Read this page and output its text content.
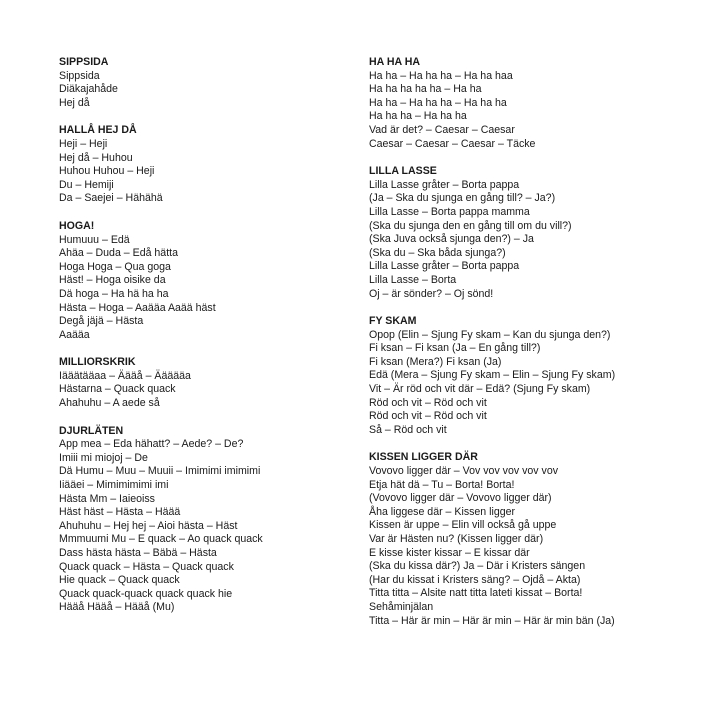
SIPPSIDA
Sippsida
Diäkajahåde
Hej då
HALLÅ HEJ DÅ
Heji – Heji
Hej då – Huhou
Huhou Huhou – Heji
Du – Hemiji
Da – Saejei – Hähähä
HOGA!
Humuuu – Edä
Ahäa – Duda – Edå hätta
Hoga Hoga – Qua goga
Häst! – Hoga oisike da
Dä hoga – Ha hä ha ha
Hästa – Hoga – Aaääa Aaää häst
Degå jäjä – Hästa
Aaääa
MILLIORSKRIK
Iääätääaa – Äääå – Äääääa
Hästarna – Quack quack
Ahahuhu – A aede så
DJURLÄTEN
App mea – Eda hähatt? – Aede? – De?
Imiii mi miojoj – De
Dä Humu – Muu – Muuii – Imimimi imimimi
Iiääei – Mimimimimi imi
Hästa Mm – Iaieoiss
Häst häst – Hästa – Häää
Ahuhuhu – Hej hej – Aioi hästa – Häst
Mmmuumi Mu – E quack – Ao quack quack
Dass hästa hästa – Bäbä – Hästa
Quack quack – Hästa – Quack quack
Hie quack – Quack quack
Quack quack-quack quack quack hie
Hääå Hääå – Hääå (Mu)
HA HA HA
Ha ha – Ha ha ha – Ha ha haa
Ha ha ha ha ha – Ha ha
Ha ha – Ha ha ha – Ha ha ha
Ha ha ha – Ha ha ha
Vad är det? – Caesar – Caesar
Caesar – Caesar – Caesar – Täcke
LILLA LASSE
Lilla Lasse gråter – Borta pappa
(Ja – Ska du sjunga en gång till? – Ja?)
Lilla Lasse – Borta pappa mamma
(Ska du sjunga den en gång till om du vill?)
(Ska Juva också sjunga den?) – Ja
(Ska du – Ska båda sjunga?)
Lilla Lasse gråter – Borta pappa
Lilla Lasse – Borta
Oj – är sönder? – Oj sönd!
FY SKAM
Opop (Elin – Sjung Fy skam – Kan du sjunga den?)
Fi ksan – Fi ksan (Ja – En gång till?)
Fi ksan (Mera?) Fi ksan (Ja)
Edä (Mera – Sjung Fy skam – Elin – Sjung Fy skam)
Vit – Är röd och vit där – Edä? (Sjung Fy skam)
Röd och vit – Röd och vit
Röd och vit – Röd och vit
Så – Röd och vit
KISSEN LIGGER DÄR
Vovovo ligger där – Vov vov vov vov vov
Etja hät dä – Tu – Borta! Borta!
(Vovovo ligger där – Vovovo ligger där)
Åha liggese där – Kissen ligger
Kissen är uppe – Elin vill också gå uppe
Var är Hästen nu? (Kissen ligger där)
E kisse kister kissar – E kissar där
(Ska du kissa där?) Ja – Där i Kristers sängen
(Har du kissat i Kristers säng? – Ojdå – Akta)
Titta titta – Alsite natt titta lateti kissat – Borta!
Sehåminjälan
Titta – Här är min – Här är min – Här är min bän (Ja)
